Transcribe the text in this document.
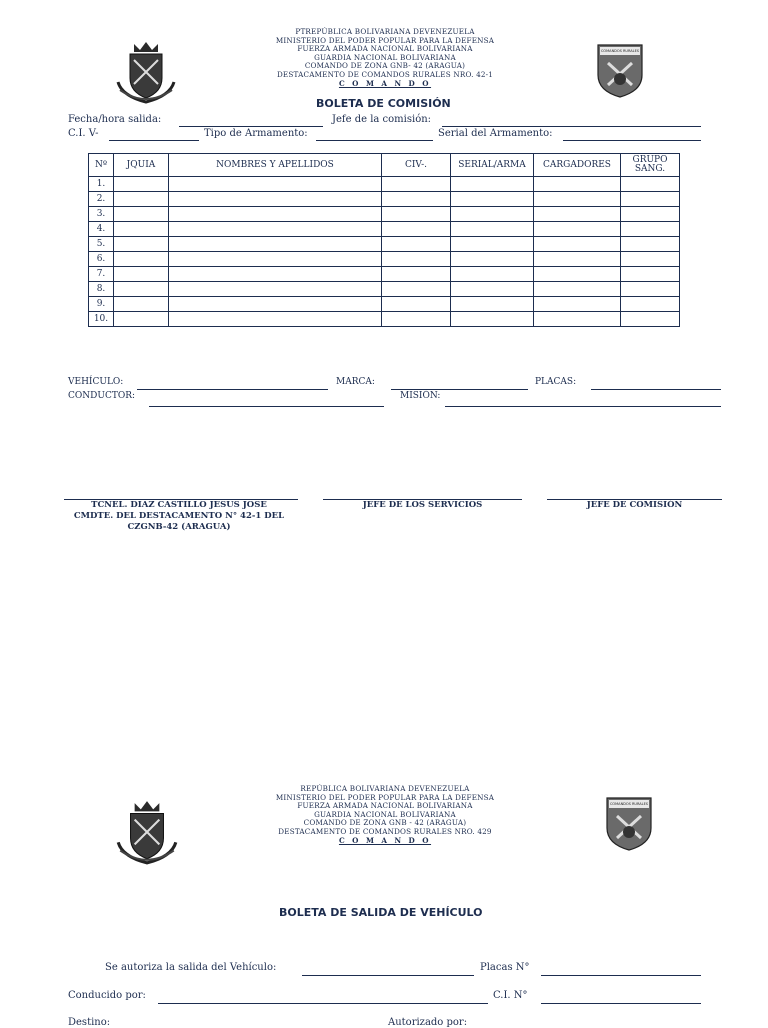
PTREPÚBLICA BOLIVARIANA DEVENEZUELA
MINISTERIO DEL PODER POPULAR PARA LA DEFENSA
FUERZA ARMADA NACIONAL BOLIVARIANA
GUARDIA NACIONAL BOLIVARIANA
COMANDO DE ZONA GNB- 42 (ARAGUA)
DESTACAMENTO DE COMANDOS RURALES NRO. 42-1
C O M A N D O
COMANDOS RURALES
BOLETA DE COMISIÓN
Fecha/hora salida:	Jefe de la comisión:
C.I. V-	Tipo de Armamento:	Serial del Armamento:
Nº	JQUIA	NOMBRES Y APELLIDOS	CIV-.	SERIAL/ARMA	CARGADORES	GRUPO SANG.
1.						
2.						
3.						
4.						
5.						
6.						
7.						
8.						
9.						
10.						
VEHÍCULO:	MARCA:	PLACAS:
CONDUCTOR:	MISIÓN:
TCNEL. DIAZ CASTILLO JESUS JOSE
CMDTE. DEL DESTACAMENTO N° 42-1 DEL
CZGNB-42 (ARAGUA)
JEFE DE LOS SERVICIOS	JEFE DE COMISIÓN
REPÚBLICA BOLIVARIANA DEVENEZUELA
MINISTERIO DEL PODER POPULAR PARA LA DEFENSA
FUERZA ARMADA NACIONAL BOLIVARIANA
GUARDIA NACIONAL BOLIVARIANA
COMANDO DE ZONA GNB - 42 (ARAGUA)
DESTACAMENTO DE COMANDOS RURALES NRO. 429
C O M A N D O
COMANDOS RURALES
BOLETA DE SALIDA DE VEHÍCULO
Se autoriza la salida del Vehículo:	Placas N°
Conducido por:	C.I. N°
Destino:	Autorizado por:
